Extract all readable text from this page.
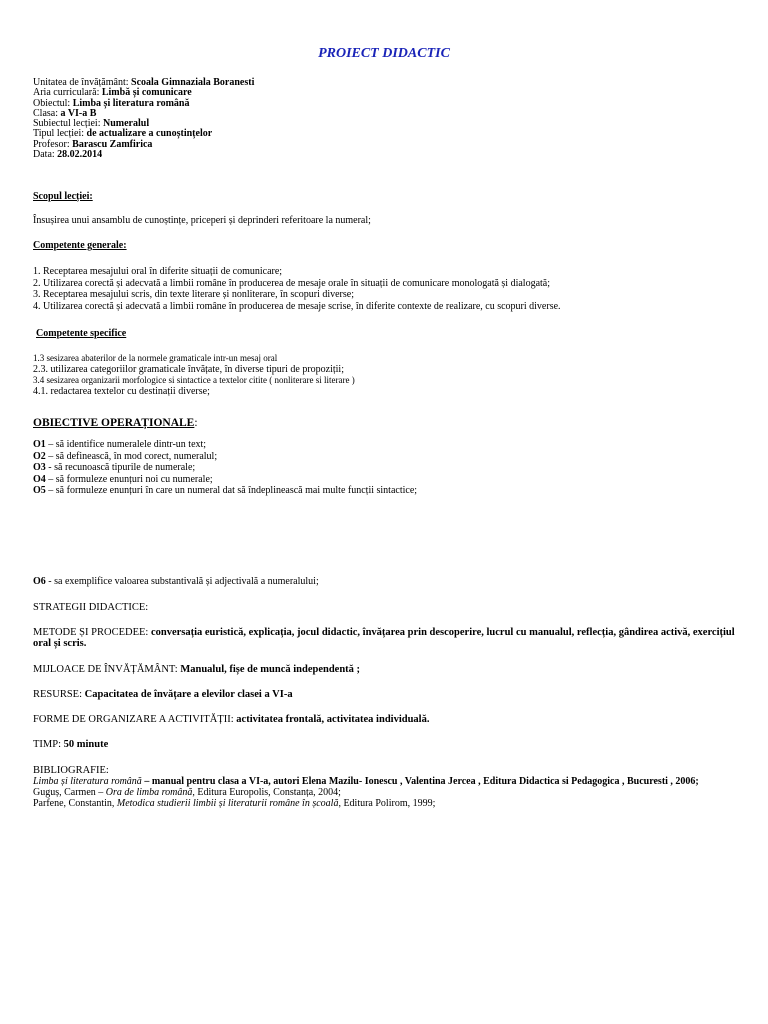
PROIECT DIDACTIC
Unitatea de învățământ: Scoala Gimnaziala Boranesti
Aria curriculară: Limbă și comunicare
Obiectul: Limba și literatura română
Clasa: a VI-a B
Subiectul lecției: Numeralul
Tipul lecției: de actualizare a cunoștințelor
Profesor: Barascu Zamfirica
Data: 28.02.2014
Scopul lecției:
Însușirea unui ansamblu de cunoștințe, priceperi și deprinderi referitoare la numeral;
Competente generale:
1. Receptarea mesajului oral în diferite situații de comunicare;
2. Utilizarea corectă și adecvată a limbii române în producerea de mesaje orale în situații de comunicare monologată și dialogată;
3. Receptarea mesajului scris, din texte literare și nonliterare, în scopuri diverse;
4. Utilizarea corectă și adecvată a limbii române în producerea de mesaje scrise, în diferite contexte de realizare, cu scopuri diverse.
Competente specifice
1.3 sesizarea abaterilor de la normele gramaticale intr-un mesaj oral
2.3. utilizarea categoriilor gramaticale învățate, în diverse tipuri de propoziții;
3.4 sesizarea organizarii morfologice si sintactice a textelor citite ( nonliterare si literare )
4.1. redactarea textelor cu destinații diverse;
OBIECTIVE OPERAȚIONALE:
O1 – să identifice numeralele dintr-un text;
O2 – să definească, în mod corect, numeralul;
O3 - să recunoască tipurile de numerale;
O4 – să formuleze enunțuri noi cu numerale;
O5 – să formuleze enunțuri în care un numeral dat să îndeplinească mai multe funcții sintactice;
O6 - sa exemplifice valoarea substantivală și adjectivală a numeralului;
STRATEGII DIDACTICE:
METODE ȘI PROCEDEE: conversația euristică, explicația, jocul didactic, învățarea prin descoperire, lucrul cu manualul, reflecția, gândirea activă, exercițiul oral și scris.
MIJLOACE DE ÎNVĂȚĂMÂNT: Manualul, fișe de muncă independentă ;
RESURSE: Capacitatea de învățare a elevilor clasei a VI-a
FORME DE ORGANIZARE A ACTIVITĂȚII: activitatea frontală, activitatea individuală.
TIMP: 50 minute
BIBLIOGRAFIE:
Limba și literatura română – manual pentru clasa a VI-a, autori Elena Mazilu- Ionescu , Valentina Jercea , Editura Didactica si Pedagogica , Bucuresti , 2006;
Guguș, Carmen – Ora de limba română, Editura Europolis, Constanța, 2004;
Parfene, Constantin, Metodica studierii limbii și literaturii române în școală, Editura Polirom, 1999;
